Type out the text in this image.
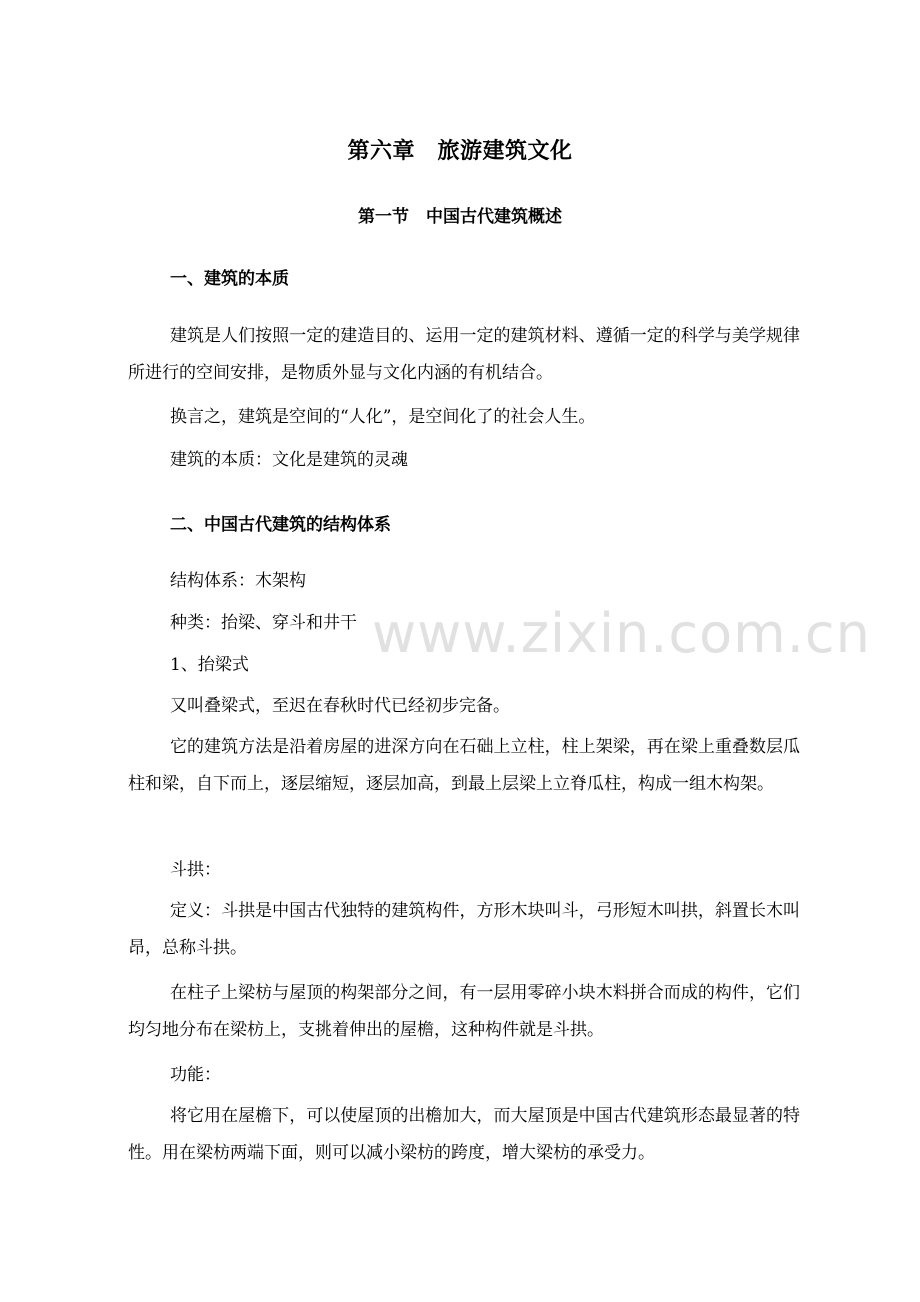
第六章　旅游建筑文化
第一节　中国古代建筑概述
一、建筑的本质

建筑是人们按照一定的建造目的、运用一定的建筑材料、遵循一定的科学与美学规律所进行的空间安排，是物质外显与文化内涵的有机结合。

换言之，建筑是空间的“人化”，是空间化了的社会人生。
建筑的本质：文化是建筑的灵魂
二、中国古代建筑的结构体系
结构体系：木架构
种类：抬梁、穿斗和井干
1、抬梁式
又叫叠梁式，至迟在春秋时代已经初步完备。

它的建筑方法是沿着房屋的进深方向在石础上立柱，柱上架梁，再在梁上重叠数层瓜柱和梁，自下而上，逐层缩短，逐层加高，到最上层梁上立脊瓜柱，构成一组木构架。

斗拱：

定义：斗拱是中国古代独特的建筑构件，方形木块叫斗，弓形短木叫拱，斜置长木叫昂，总称斗拱。

在柱子上梁枋与屋顶的构架部分之间，有一层用零碎小块木料拼合而成的构件，它们均匀地分布在梁枋上，支挑着伸出的屋檐，这种构件就是斗拱。

功能：

将它用在屋檐下，可以使屋顶的出檐加大，而大屋顶是中国古代建筑形态最显著的特性。用在梁枋两端下面，则可以减小梁枋的跨度，增大梁枋的承受力。

www.zixin.com.cn
